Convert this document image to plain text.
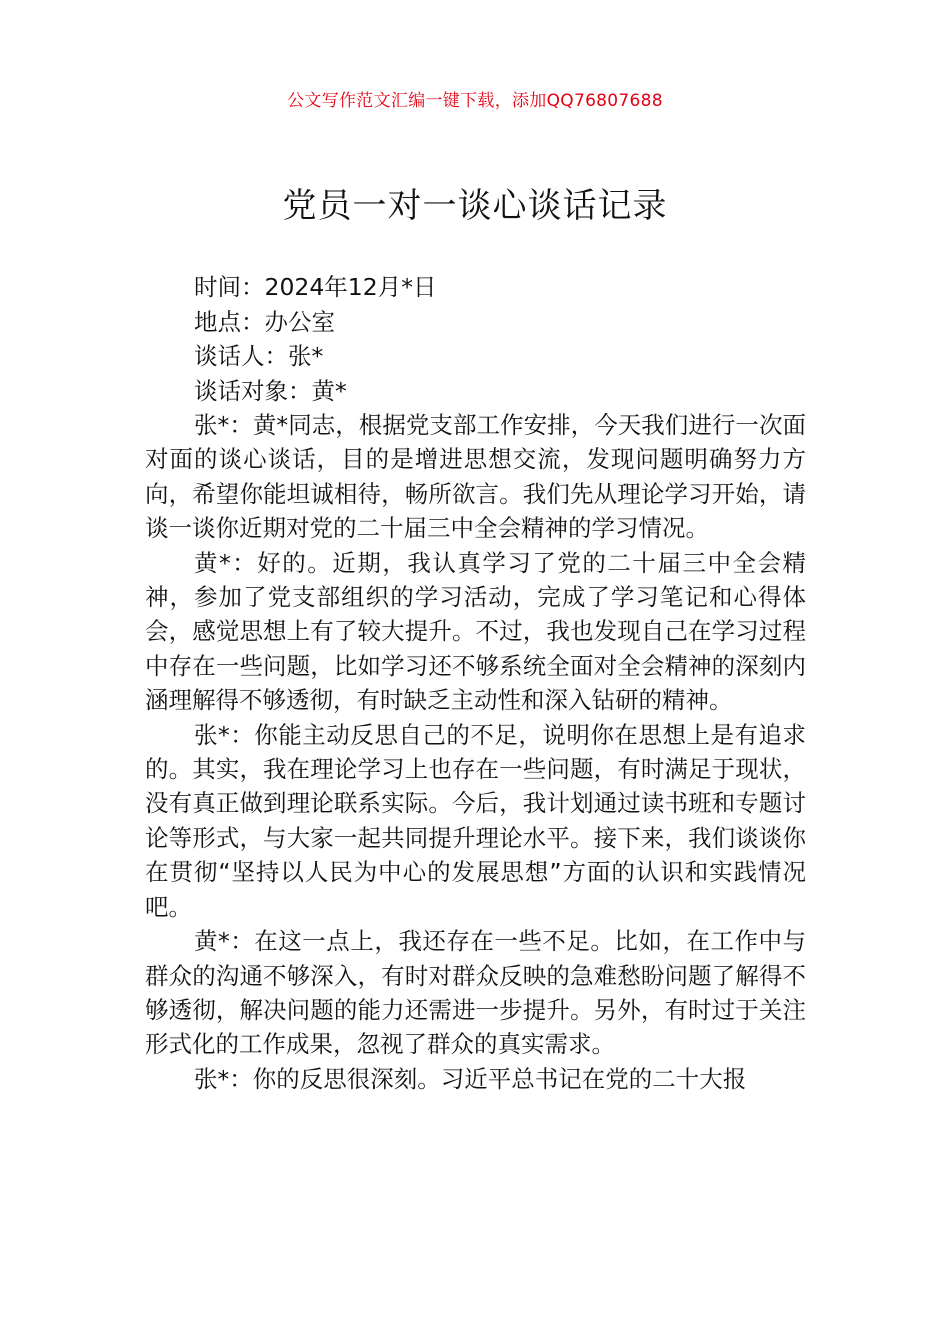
公文写作范文汇编一键下载，添加QQ76807688
党员一对一谈心谈话记录
时间：2024年12月*日
地点：办公室
谈话人：张*
谈话对象：黄*

张*：黄*同志，根据党支部工作安排，今天我们进行一次面对面的谈心谈话，目的是增进思想交流，发现问题明确努力方向，希望你能坦诚相待，畅所欲言。我们先从理论学习开始，请谈一谈你近期对党的二十届三中全会精神的学习情况。

黄*：好的。近期，我认真学习了党的二十届三中全会精神，参加了党支部组织的学习活动，完成了学习笔记和心得体会，感觉思想上有了较大提升。不过，我也发现自己在学习过程中存在一些问题，比如学习还不够系统全面对全会精神的深刻内涵理解得不够透彻，有时缺乏主动性和深入钻研的精神。

张*：你能主动反思自己的不足，说明你在思想上是有追求的。其实，我在理论学习上也存在一些问题，有时满足于现状，没有真正做到理论联系实际。今后，我计划通过读书班和专题讨论等形式，与大家一起共同提升理论水平。接下来，我们谈谈你在贯彻“坚持以人民为中心的发展思想”方面的认识和实践情况吧。

黄*：在这一点上，我还存在一些不足。比如，在工作中与群众的沟通不够深入，有时对群众反映的急难愁盼问题了解得不够透彻，解决问题的能力还需进一步提升。另外，有时过于关注形式化的工作成果，忽视了群众的真实需求。

张*：你的反思很深刻。习近平总书记在党的二十大报
